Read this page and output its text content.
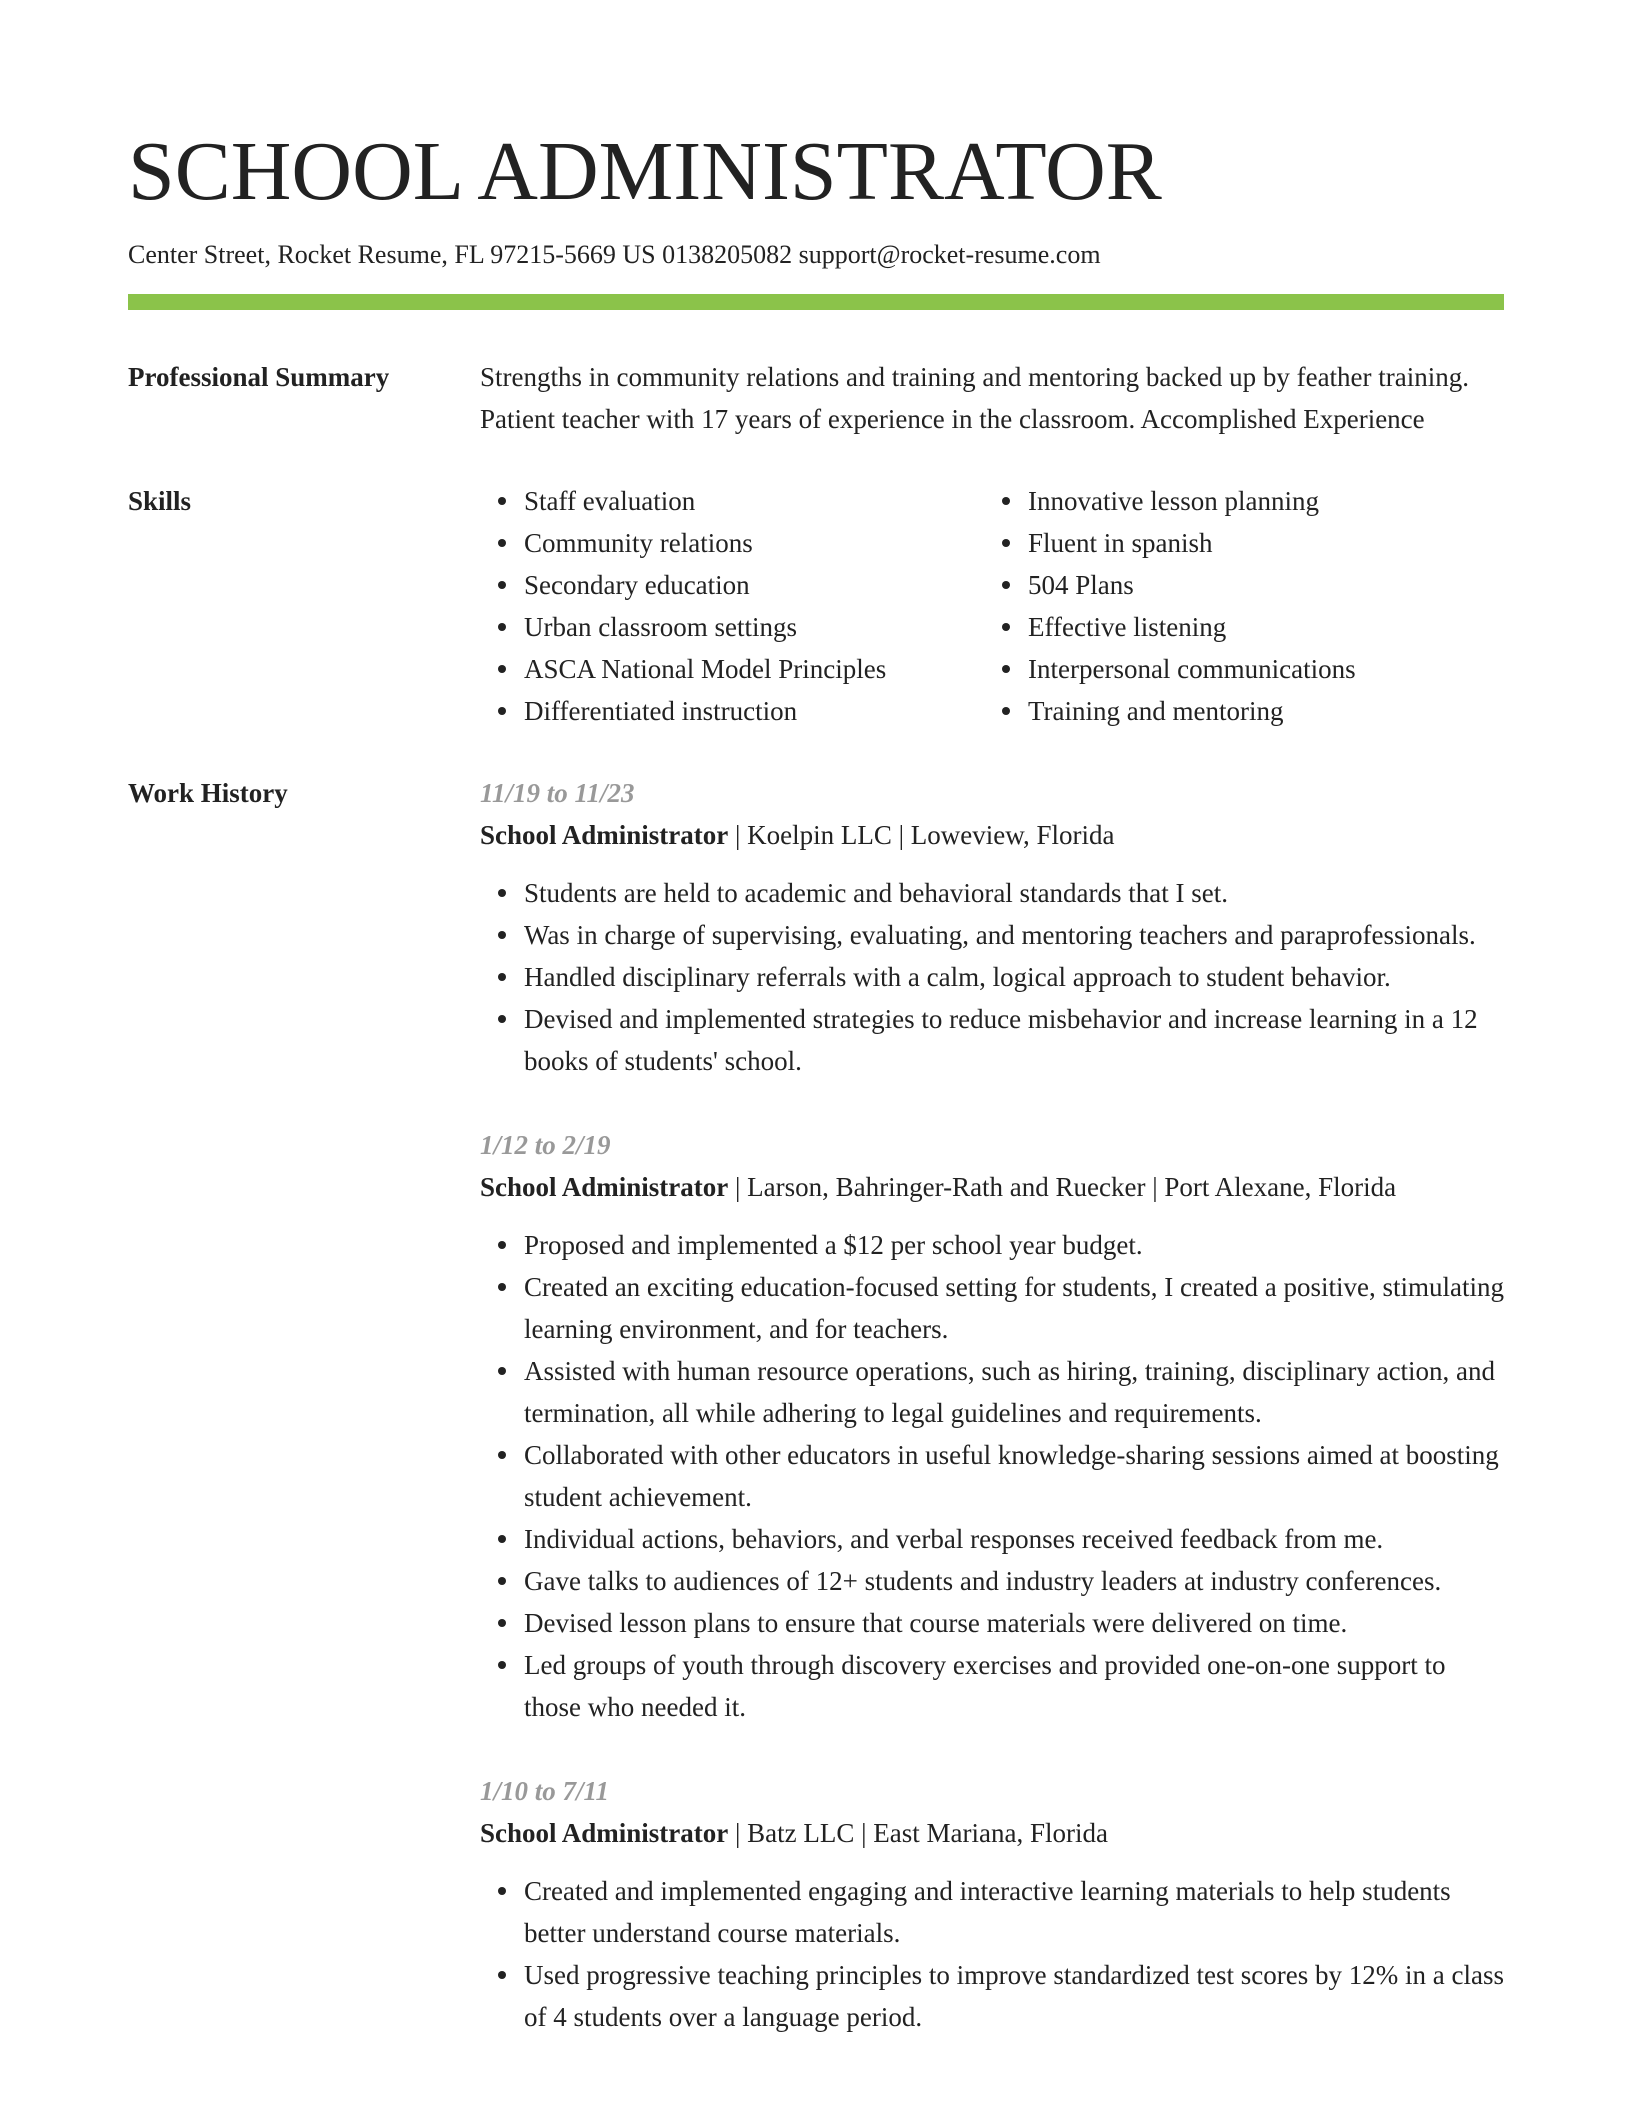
SCHOOL ADMINISTRATOR
Center Street, Rocket Resume, FL 97215-5669 US 0138205082 support@rocket-resume.com
Professional Summary	Strengths in community relations and training and mentoring backed up by feather training. Patient teacher with 17 years of experience in the classroom. Accomplished Experience
Skills	Staff evaluation
Community relations
Secondary education
Urban classroom settings
ASCA National Model Principles
Differentiated instruction
Innovative lesson planning
Fluent in spanish
504 Plans
Effective listening
Interpersonal communications
Training and mentoring
Work History	11/19 to 11/23
School Administrator | Koelpin LLC | Loweview, Florida
Students are held to academic and behavioral standards that I set.
Was in charge of supervising, evaluating, and mentoring teachers and paraprofessionals.
Handled disciplinary referrals with a calm, logical approach to student behavior.
Devised and implemented strategies to reduce misbehavior and increase learning in a 12 books of students' school.
1/12 to 2/19
School Administrator | Larson, Bahringer-Rath and Ruecker | Port Alexane, Florida
Proposed and implemented a $12 per school year budget.
Created an exciting education-focused setting for students, I created a positive, stimulating learning environment, and for teachers.
Assisted with human resource operations, such as hiring, training, disciplinary action, and termination, all while adhering to legal guidelines and requirements.
Collaborated with other educators in useful knowledge-sharing sessions aimed at boosting student achievement.
Individual actions, behaviors, and verbal responses received feedback from me.
Gave talks to audiences of 12+ students and industry leaders at industry conferences.
Devised lesson plans to ensure that course materials were delivered on time.
Led groups of youth through discovery exercises and provided one-on-one support to those who needed it.
1/10 to 7/11
School Administrator | Batz LLC | East Mariana, Florida
Created and implemented engaging and interactive learning materials to help students better understand course materials.
Used progressive teaching principles to improve standardized test scores by 12% in a class of 4 students over a language period.
